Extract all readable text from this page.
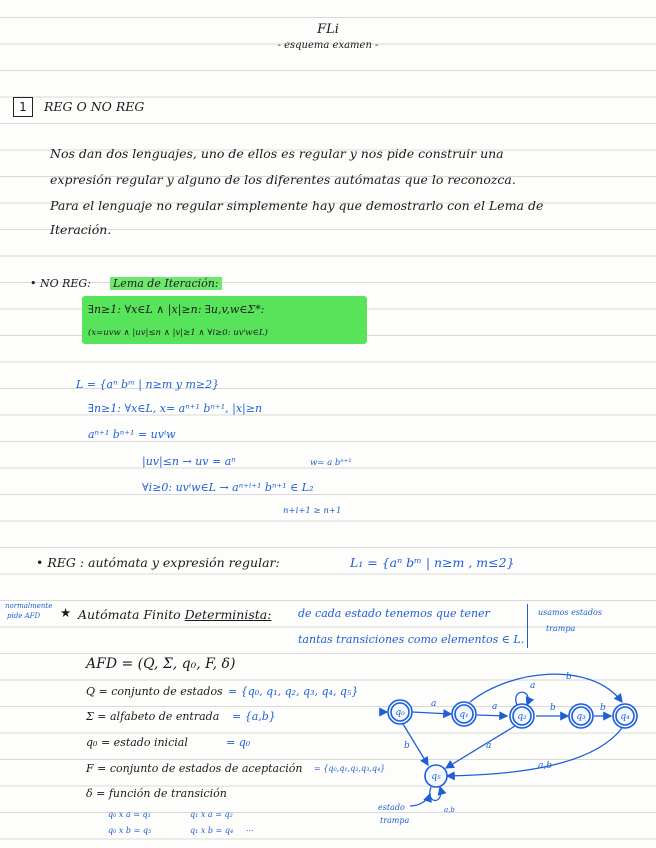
FLi
- esquema examen -
1	REG O NO REG
Nos dan dos lenguajes, uno de ellos es regular y nos pide construir una
expresión regular y alguno de los diferentes autómatas que lo reconozca.
Para el lenguaje no regular simplemente hay que demostrarlo con el Lema de
Iteración.
• NO REG: Lema de Iteración:
∃n≥1: ∀x∈L ∧ |x|≥n: ∃u,v,w∈Σ*:
(x=uvw ∧ |uv|≤n ∧ |v|≥1 ∧ ∀i≥0: uvⁱw∈L)
L = {aⁿ bᵐ | n≥m y m≥2}
∃n≥1: ∀x∈L, x= aⁿ⁺¹ bⁿ⁺¹, |x|≥n
aⁿ⁺¹ bⁿ⁺¹ = uvⁱw
|uv|≤n → uv = aⁿ	w= a bⁿ⁺¹
∀i≥0: uvⁱw∈L → aⁿ⁺ⁱ⁺¹ bⁿ⁺¹ ∈ L₂
n+i+1 ≥ n+1
• REG : autómata y expresión regular:	L₁ = {aⁿ bᵐ | n≥m , m≤2}
normalmente
pide AFD ★ Autómata Finito Determinista: de cada estado tenemos que tener
tantas transiciones como elementos ∈ L.
usamos estados
trampa
AFD = (Q, Σ, q₀, F, δ)
Q = conjunto de estados = {q₀, q₁, q₂, q₃, q₄, q₅}
Σ = alfabeto de entrada = {a,b}
q₀ = estado inicial	= q₀
F = conjunto de estados de aceptación = {q₀,q₁,q₂,q₃,q₄}
δ = función de transición
q₀ x a = q₁	q₁ x a = q₂
q₀ x b = q₅	q₁ x b = q₄ ...
q₀	q₁	q₂	q₃	q₄
q₅
a	a
a
b	b
b
b	a
a,b
a,b
estado
trampa
